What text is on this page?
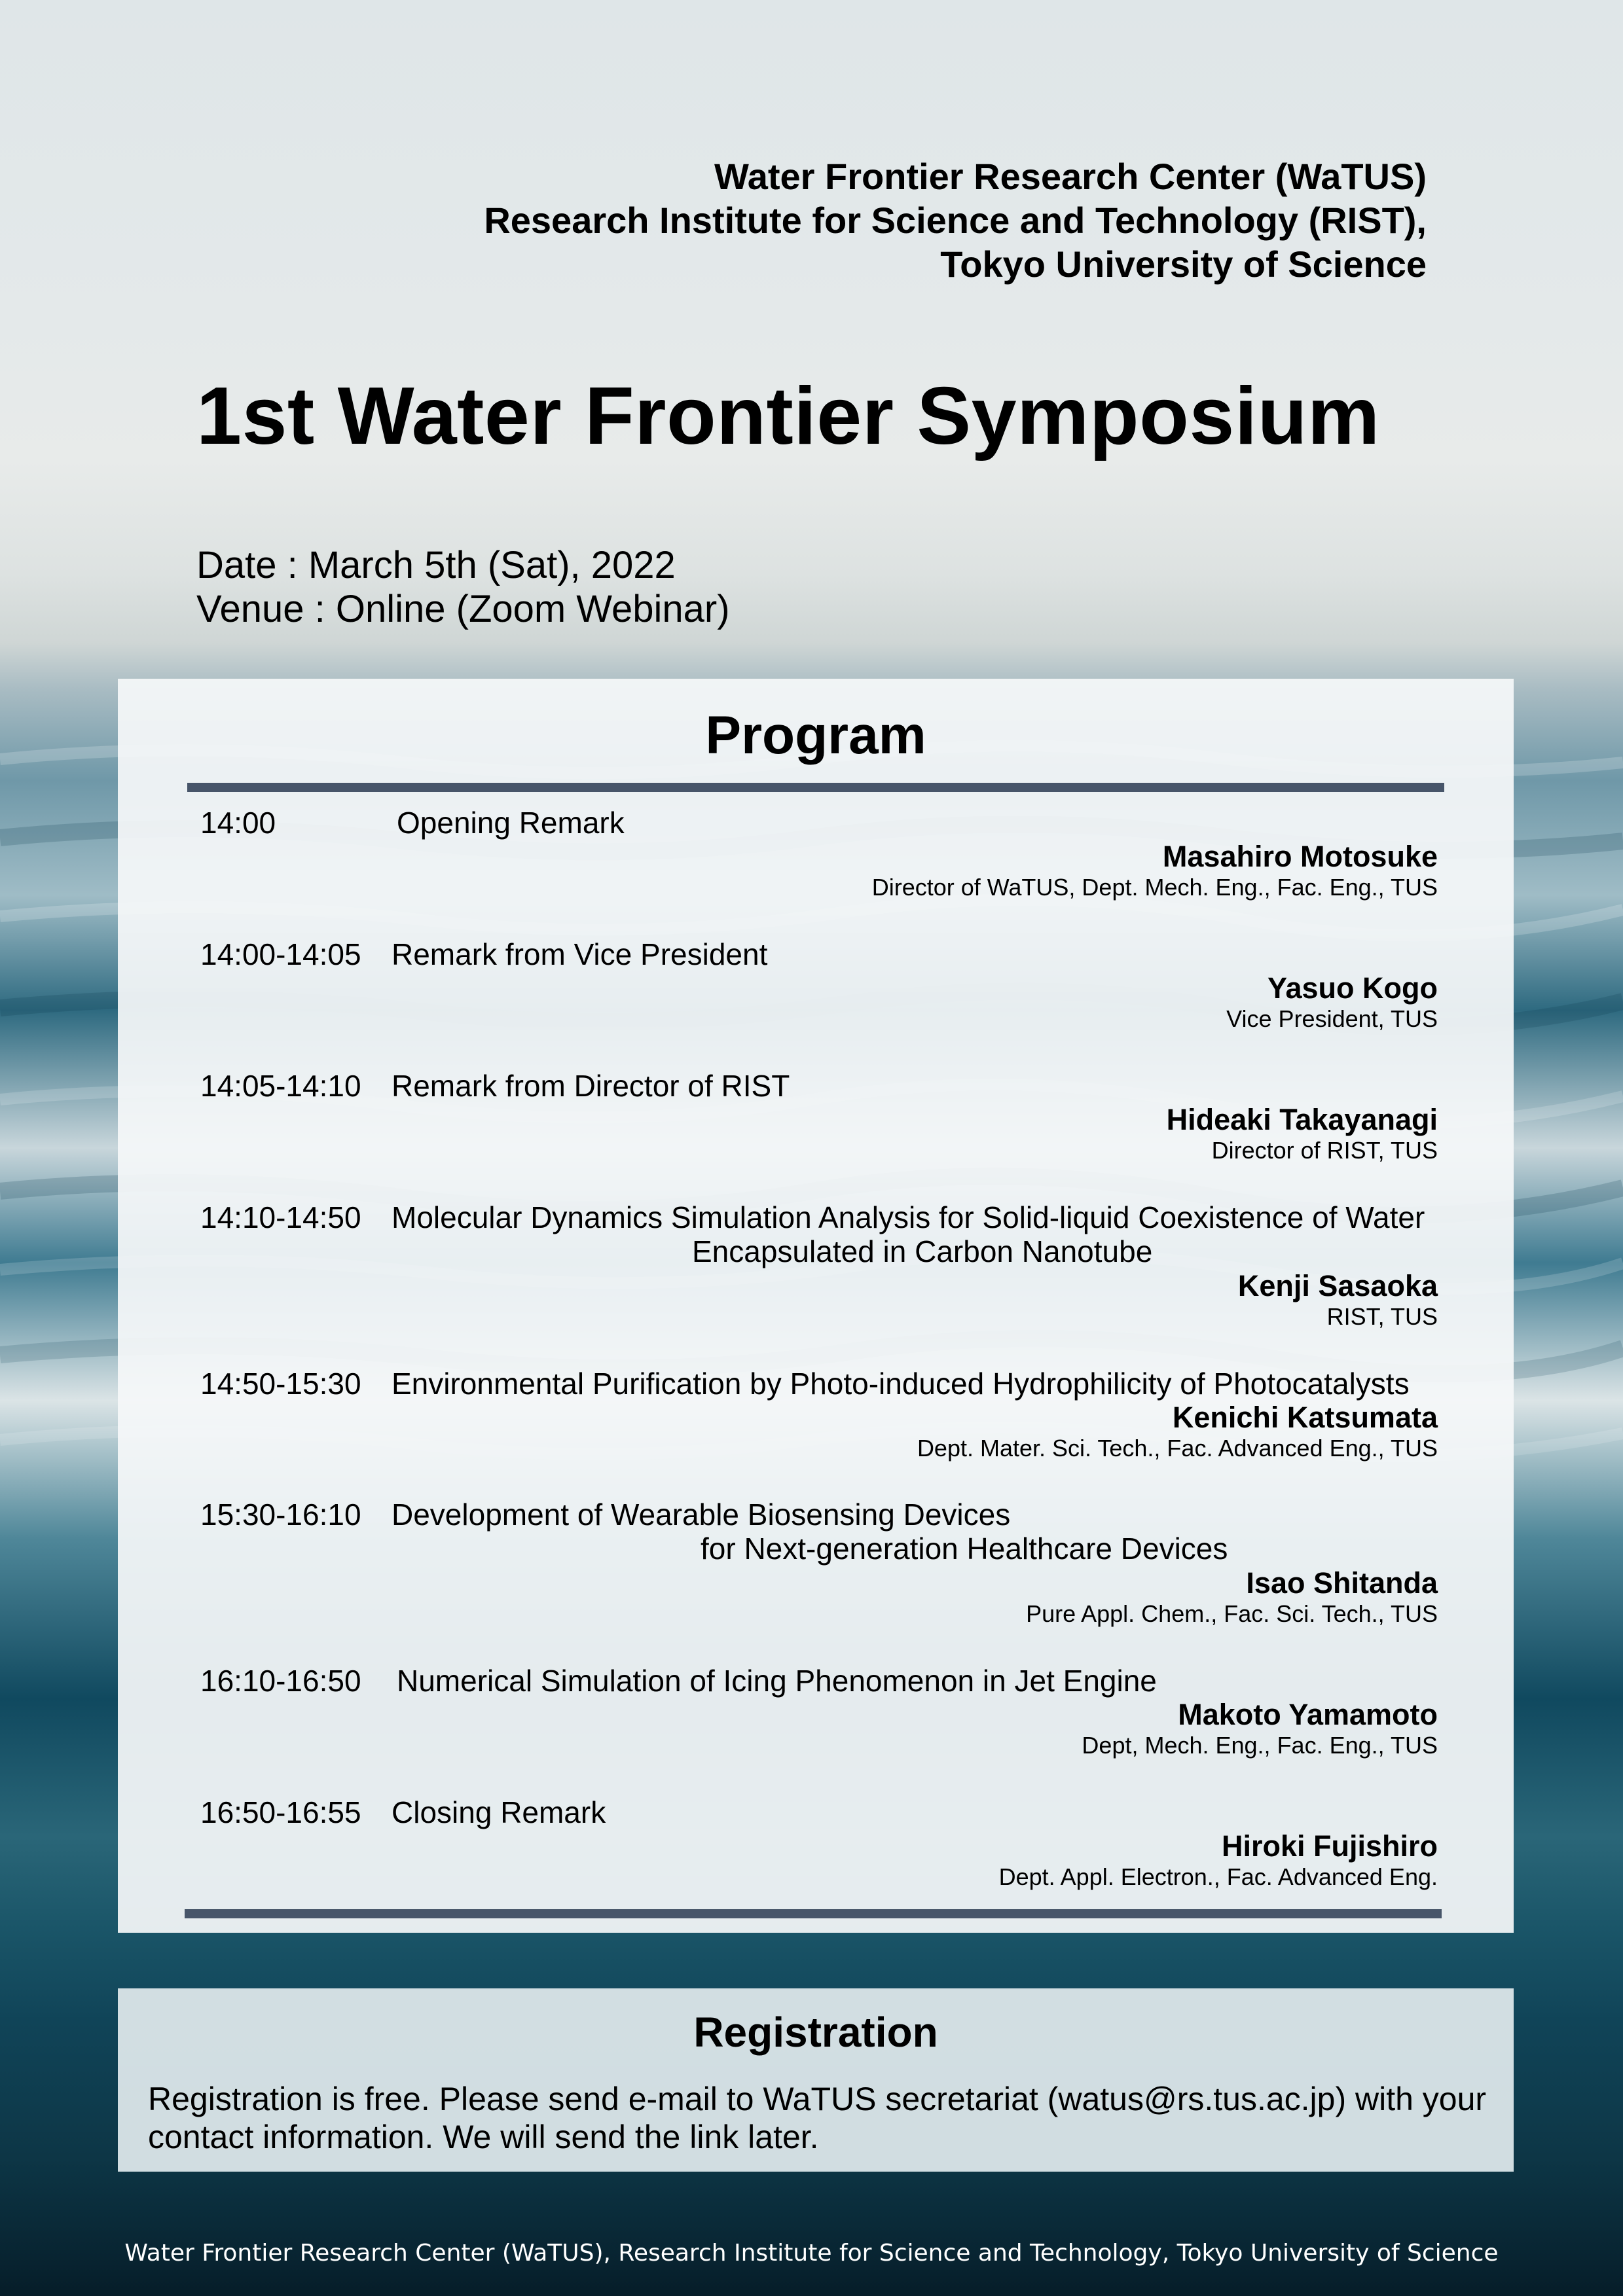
Water Frontier Research Center (WaTUS)
Research Institute for Science and Technology (RIST),
Tokyo University of Science
1st Water Frontier Symposium
Date : March 5th (Sat), 2022
Venue : Online (Zoom Webinar)
Program
14:00	Opening Remark
Masahiro Motosuke
Director of WaTUS, Dept. Mech. Eng., Fac. Eng., TUS
14:00-14:05 Remark from Vice President
Yasuo Kogo
Vice President, TUS
14:05-14:10 Remark from Director of RIST
Hideaki Takayanagi
Director of RIST, TUS
14:10-14:50 Molecular Dynamics Simulation Analysis for Solid-liquid Coexistence of Water
Encapsulated in Carbon Nanotube
Kenji Sasaoka
RIST, TUS
14:50-15:30 Environmental Purification by Photo-induced Hydrophilicity of Photocatalysts
Kenichi Katsumata
Dept. Mater. Sci. Tech., Fac. Advanced Eng., TUS
15:30-16:10 Development of Wearable Biosensing Devices
for Next-generation Healthcare Devices
Isao Shitanda
Pure Appl. Chem., Fac. Sci. Tech., TUS
16:10-16:50 Numerical Simulation of Icing Phenomenon in Jet Engine
Makoto Yamamoto
Dept, Mech. Eng., Fac. Eng., TUS
16:50-16:55 Closing Remark
Hiroki Fujishiro
Dept. Appl. Electron., Fac. Advanced Eng.
Registration
Registration is free. Please send e-mail to WaTUS secretariat (watus@rs.tus.ac.jp) with your contact information. We will send the link later.
Water Frontier Research Center (WaTUS), Research Institute for Science and Technology, Tokyo University of Science
